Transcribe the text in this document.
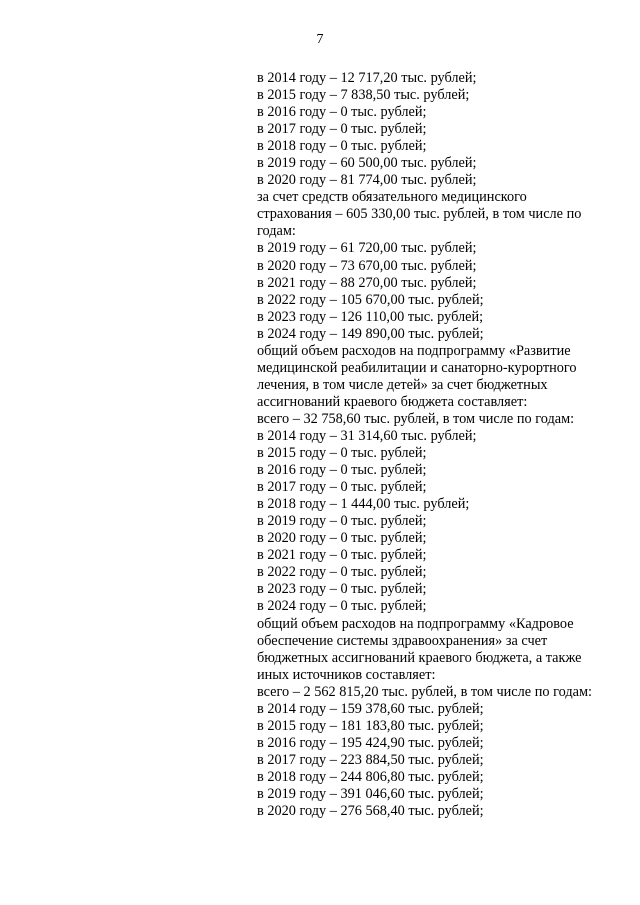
7
в 2014 году – 12 717,20 тыс. рублей;
в 2015 году – 7 838,50 тыс. рублей;
в 2016 году – 0 тыс. рублей;
в 2017 году – 0 тыс. рублей;
в 2018 году – 0 тыс. рублей;
в 2019 году – 60 500,00 тыс. рублей;
в 2020 году – 81 774,00 тыс. рублей;
за счет средств обязательного медицинского
страхования – 605 330,00 тыс. рублей, в том числе по
годам:
в 2019 году – 61 720,00 тыс. рублей;
в 2020 году – 73 670,00 тыс. рублей;
в 2021 году – 88 270,00 тыс. рублей;
в 2022 году – 105 670,00 тыс. рублей;
в 2023 году – 126 110,00 тыс. рублей;
в 2024 году – 149 890,00 тыс. рублей;
общий объем расходов на подпрограмму «Развитие
медицинской реабилитации и санаторно-курортного
лечения, в том числе детей» за счет бюджетных
ассигнований краевого бюджета составляет:
всего – 32 758,60 тыс. рублей, в том числе по годам:
в 2014 году – 31 314,60 тыс. рублей;
в 2015 году – 0 тыс. рублей;
в 2016 году – 0 тыс. рублей;
в 2017 году – 0 тыс. рублей;
в 2018 году – 1 444,00 тыс. рублей;
в 2019 году – 0 тыс. рублей;
в 2020 году – 0 тыс. рублей;
в 2021 году – 0 тыс. рублей;
в 2022 году – 0 тыс. рублей;
в 2023 году – 0 тыс. рублей;
в 2024 году – 0 тыс. рублей;
общий объем расходов на подпрограмму «Кадровое
обеспечение системы здравоохранения» за счет
бюджетных ассигнований краевого бюджета, а также
иных источников составляет:
всего – 2 562 815,20 тыс. рублей, в том числе по годам:
в 2014 году – 159 378,60 тыс. рублей;
в 2015 году – 181 183,80 тыс. рублей;
в 2016 году – 195 424,90 тыс. рублей;
в 2017 году – 223 884,50 тыс. рублей;
в 2018 году – 244 806,80 тыс. рублей;
в 2019 году – 391 046,60 тыс. рублей;
в 2020 году – 276 568,40 тыс. рублей;
